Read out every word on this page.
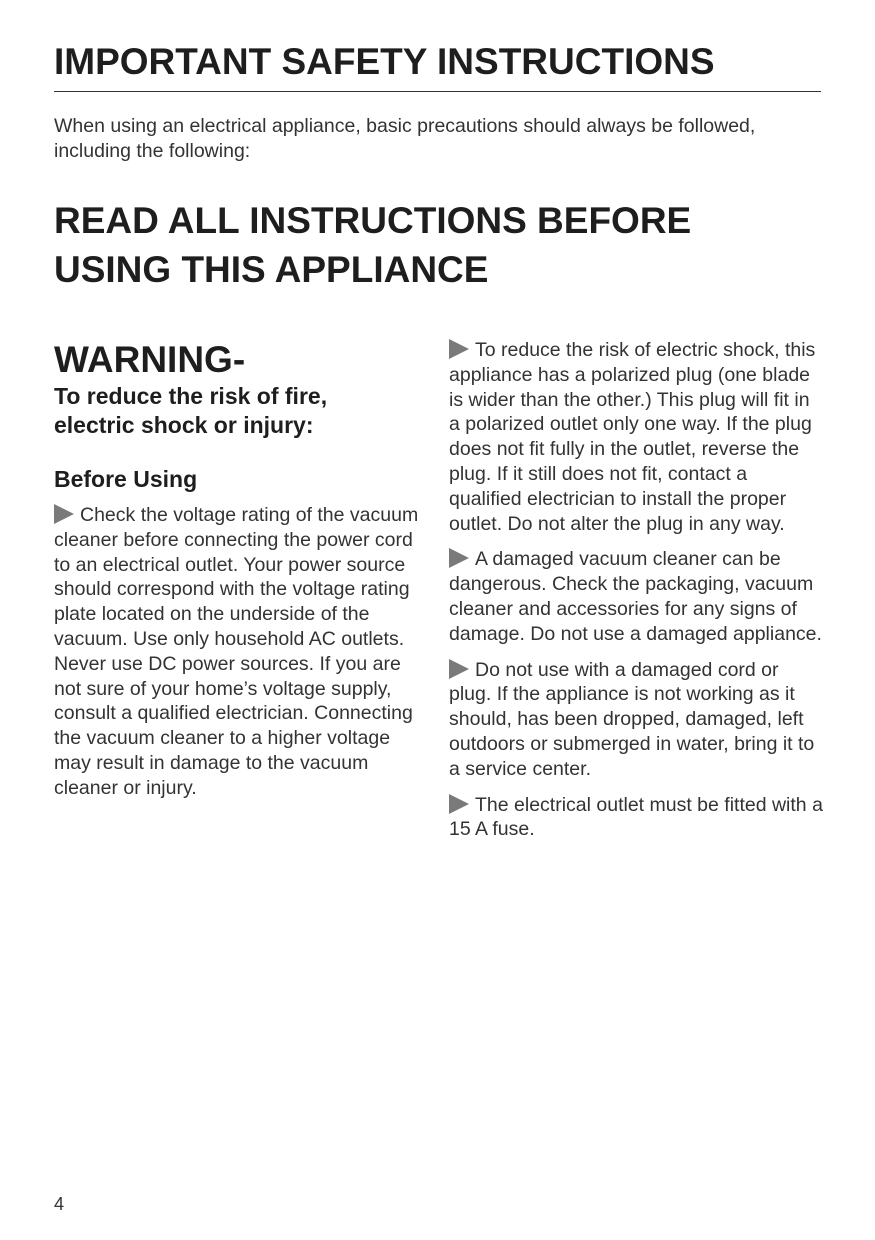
IMPORTANT SAFETY INSTRUCTIONS

When using an electrical appliance, basic precautions should always be followed, including the following:

READ ALL INSTRUCTIONS BEFORE
USING THIS APPLIANCE
WARNING-
To reduce the risk of fire,
electric shock or injury:
Before Using

Check the voltage rating of the vacuum cleaner before connecting the power cord to an electrical outlet. Your power source should correspond with the voltage rating plate located on the underside of the vacuum. Use only household AC outlets. Never use DC power sources. If you are not sure of your home’s voltage supply, consult a qualified electrician. Connecting the vacuum cleaner to a higher voltage may result in damage to the vacuum cleaner or injury.

To reduce the risk of electric shock, this appliance has a polarized plug (one blade is wider than the other.) This plug will fit in a polarized outlet only one way. If the plug does not fit fully in the outlet, reverse the plug. If it still does not fit, contact a qualified electrician to install the proper outlet. Do not alter the plug in any way.

A damaged vacuum cleaner can be dangerous. Check the packaging, vacuum cleaner and accessories for any signs of damage. Do not use a damaged appliance.

Do not use with a damaged cord or plug. If the appliance is not working as it should, has been dropped, damaged, left outdoors or submerged in water, bring it to a service center.

The electrical outlet must be fitted with a 15 A fuse.

4
